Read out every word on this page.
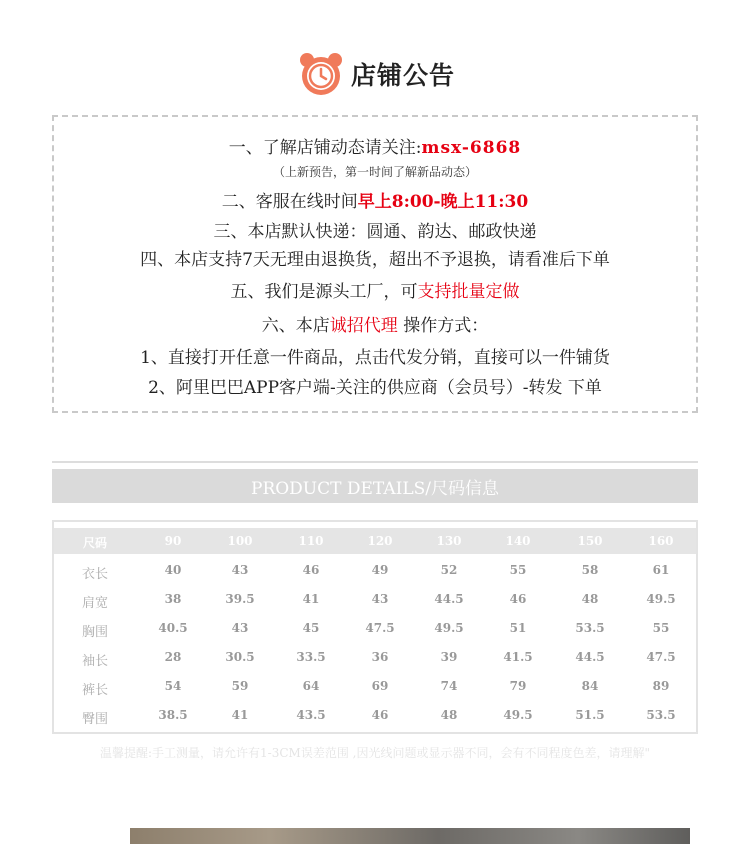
店铺公告
一、了解店铺动态请关注:msx-6868
（上新预告，第一时间了解新品动态）
二、客服在线时间早上8:00-晚上11:30
三、本店默认快递：圆通、韵达、邮政快递
四、本店支持7天无理由退换货，超出不予退换，请看准后下单
五、我们是源头工厂，可支持批量定做
六、本店诚招代理 操作方式：
1、直接打开任意一件商品，点击代发分销，直接可以一件铺货
2、阿里巴巴APP客户端-关注的供应商（会员号）-转发 下单
PRODUCT DETAILS/尺码信息
尺码	90	100	110	120	130	140	150	160
衣长	40	43	46	49	52	55	58	61
肩宽	38	39.5	41	43	44.5	46	48	49.5
胸围	40.5	43	45	47.5	49.5	51	53.5	55
袖长	28	30.5	33.5	36	39	41.5	44.5	47.5
裤长	54	59	64	69	74	79	84	89
臀围	38.5	41	43.5	46	48	49.5	51.5	53.5
温馨提醒:手工测量，请允许有1-3CM误差范围 ,因光线问题或显示器不同，会有不同程度色差，请理解"
